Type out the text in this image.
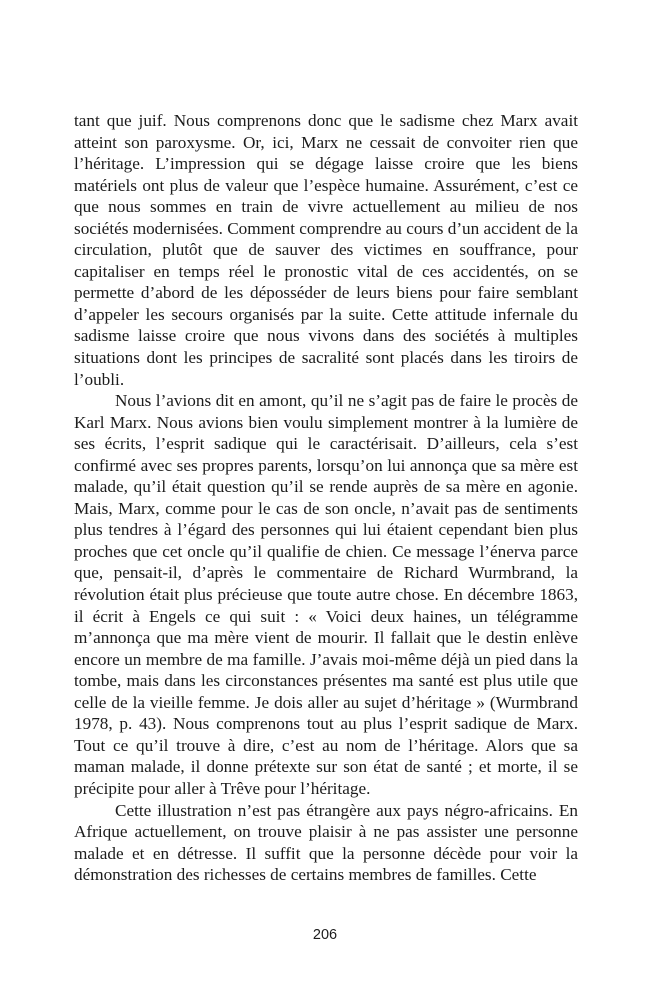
tant que juif. Nous comprenons donc que le sadisme chez Marx avait atteint son paroxysme. Or, ici, Marx ne cessait de convoiter rien que l’héritage. L’impression qui se dégage laisse croire que les biens matériels ont plus de valeur que l’espèce humaine. Assurément, c’est ce que nous sommes en train de vivre actuellement au milieu de nos sociétés modernisées. Comment comprendre au cours d’un accident de la circulation, plutôt que de sauver des victimes en souffrance, pour capitaliser en temps réel le pronostic vital de ces accidentés, on se permette d’abord de les déposséder de leurs biens pour faire semblant d’appeler les secours organisés par la suite. Cette attitude infernale du sadisme laisse croire que nous vivons dans des sociétés à multiples situations dont les principes de sacralité sont placés dans les tiroirs de l’oubli.

Nous l’avions dit en amont, qu’il ne s’agit pas de faire le procès de Karl Marx. Nous avions bien voulu simplement montrer à la lumière de ses écrits, l’esprit sadique qui le caractérisait. D’ailleurs, cela s’est confirmé avec ses propres parents, lorsqu’on lui annonça que sa mère est malade, qu’il était question qu’il se rende auprès de sa mère en agonie. Mais, Marx, comme pour le cas de son oncle, n’avait pas de sentiments plus tendres à l’égard des personnes qui lui étaient cependant bien plus proches que cet oncle qu’il qualifie de chien. Ce message l’énerva parce que, pensait-il, d’après le commentaire de Richard Wurmbrand, la révolution était plus précieuse que toute autre chose. En décembre 1863, il écrit à Engels ce qui suit : « Voici deux haines, un télégramme m’annonça que ma mère vient de mourir. Il fallait que le destin enlève encore un membre de ma famille. J’avais moi-même déjà un pied dans la tombe, mais dans les circonstances présentes ma santé est plus utile que celle de la vieille femme. Je dois aller au sujet d’héritage » (Wurmbrand 1978, p. 43). Nous comprenons tout au plus l’esprit sadique de Marx. Tout ce qu’il trouve à dire, c’est au nom de l’héritage. Alors que sa maman malade, il donne prétexte sur son état de santé ; et morte, il se précipite pour aller à Trêve pour l’héritage.

Cette illustration n’est pas étrangère aux pays négro-africains. En Afrique actuellement, on trouve plaisir à ne pas assister une personne malade et en détresse. Il suffit que la personne décède pour voir la démonstration des richesses de certains membres de familles. Cette

206
